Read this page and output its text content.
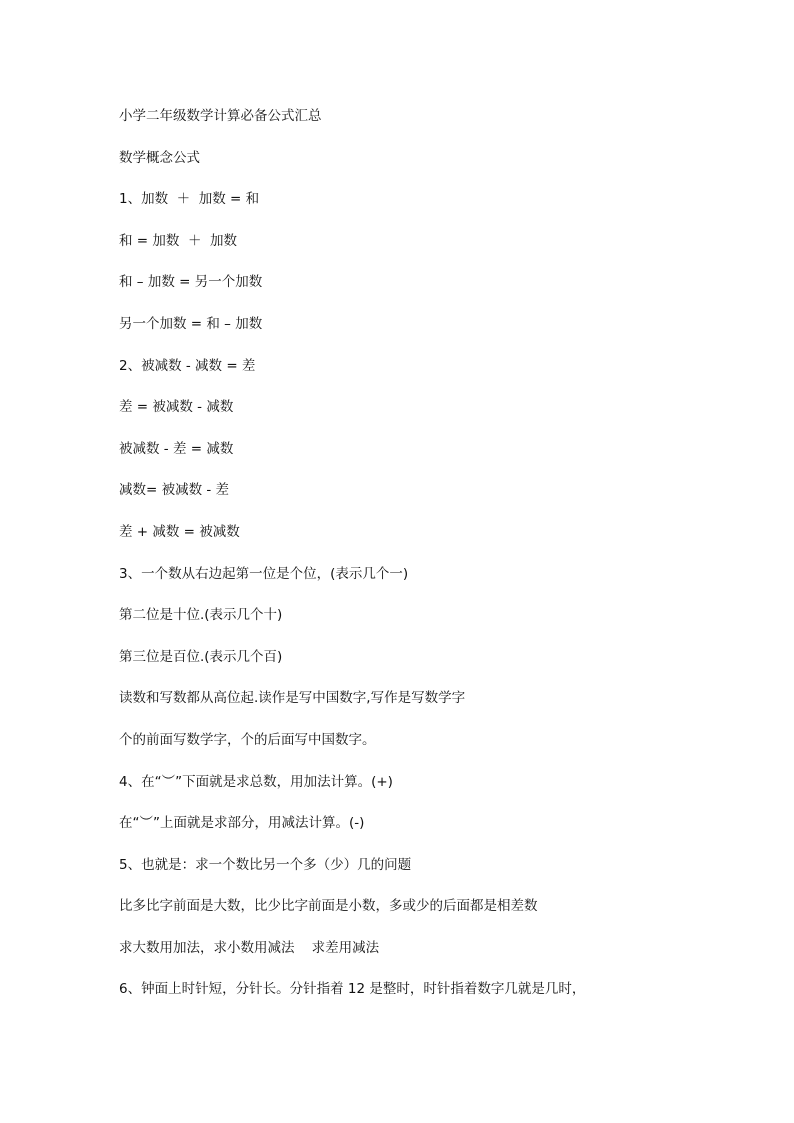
小学二年级数学计算必备公式汇总
数学概念公式
1、加数  ＋  加数 = 和
和 = 加数  ＋  加数
和 – 加数 = 另一个加数
另一个加数 = 和 – 加数
2、被减数 - 减数 = 差
差 = 被减数 - 减数
被减数 - 差 = 减数
减数= 被减数 - 差
差 + 减数 = 被减数
3、一个数从右边起第一位是个位，(表示几个一)
第二位是十位.(表示几个十)
第三位是百位.(表示几个百)
读数和写数都从高位起.读作是写中国数字,写作是写数学字
个的前面写数学字，个的后面写中国数字。
4、在“︶”下面就是求总数，用加法计算。(+)
在“︶”上面就是求部分，用减法计算。(-)
5、也就是：求一个数比另一个多（少）几的问题
比多比字前面是大数，比少比字前面是小数，多或少的后面都是相差数
求大数用加法，求小数用减法    求差用减法
6、钟面上时针短，分针长。分针指着 12 是整时，时针指着数字几就是几时，
